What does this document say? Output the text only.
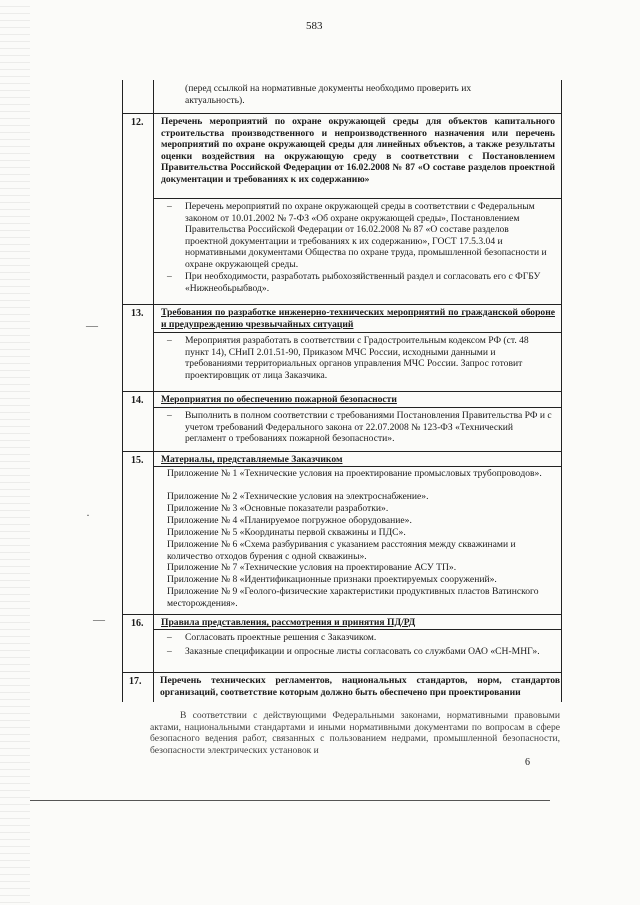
—
·
—
583
(перед ссылкой на нормативные документы необходимо проверить их актуальность).
12. Перечень мероприятий по охране окружающей среды для объектов капитального строительства производственного и непроизводственного назначения или перечень мероприятий по охране окружающей среды для линейных объектов, а также результаты оценки воздействия на окружающую среду в соответствии с Постановлением Правительства Российской Федерации от 16.02.2008 № 87 «О составе разделов проектной документации и требованиях к их содержанию»
– Перечень мероприятий по охране окружающей среды в соответствии с Федеральным законом от 10.01.2002 № 7-ФЗ «Об охране окружающей среды», Постановлением Правительства Российской Федерации от 16.02.2008 № 87 «О составе разделов проектной документации и требованиях к их содержанию», ГОСТ 17.5.3.04 и нормативными документами Общества по охране труда, промышленной безопасности и охране окружающей среды.
– При необходимости, разработать рыбохозяйственный раздел и согласовать его с ФГБУ «Нижнеобьрыбвод».
13. Требования по разработке инженерно-технических мероприятий по гражданской обороне и предупреждению чрезвычайных ситуаций
– Мероприятия разработать в соответствии с Градостроительным кодексом РФ (ст. 48 пункт 14), СНиП 2.01.51-90, Приказом МЧС России, исходными данными и требованиями территориальных органов управления МЧС России. Запрос готовит проектировщик от лица Заказчика.
14. Мероприятия по обеспечению пожарной безопасности
– Выполнить в полном соответствии с требованиями Постановления Правительства РФ и с учетом требований Федерального закона от 22.07.2008 № 123-ФЗ «Технический регламент о требованиях пожарной безопасности».
15. Материалы, представляемые Заказчиком
Приложение № 1 «Технические условия на проектирование промысловых трубопроводов».
Приложение № 2 «Технические условия на электроснабжение».
Приложение № 3 «Основные показатели разработки».
Приложение № 4 «Планируемое погружное оборудование».
Приложение № 5 «Координаты первой скважины и ПДС».
Приложение № 6 «Схема разбуривания с указанием расстояния между скважинами и количество отходов бурения с одной скважины».
Приложение № 7 «Технические условия на проектирование АСУ ТП».
Приложение № 8 «Идентификационные признаки проектируемых сооружений».
Приложение № 9 «Геолого-физические характеристики продуктивных пластов Ватинского месторождения».
16. Правила представления, рассмотрения и принятия ПД/РД
– Согласовать проектные решения с Заказчиком.
– Заказные спецификации и опросные листы согласовать со службами ОАО «СН-МНГ».
17. Перечень технических регламентов, национальных стандартов, норм, стандартов организаций, соответствие которым должно быть обеспечено при проектировании
В соответствии с действующими Федеральными законами, нормативными правовыми актами, национальными стандартами и иными нормативными документами по вопросам в сфере безопасного ведения работ, связанных с пользованием недрами, промышленной безопасности, безопасности электрических установок и
6
